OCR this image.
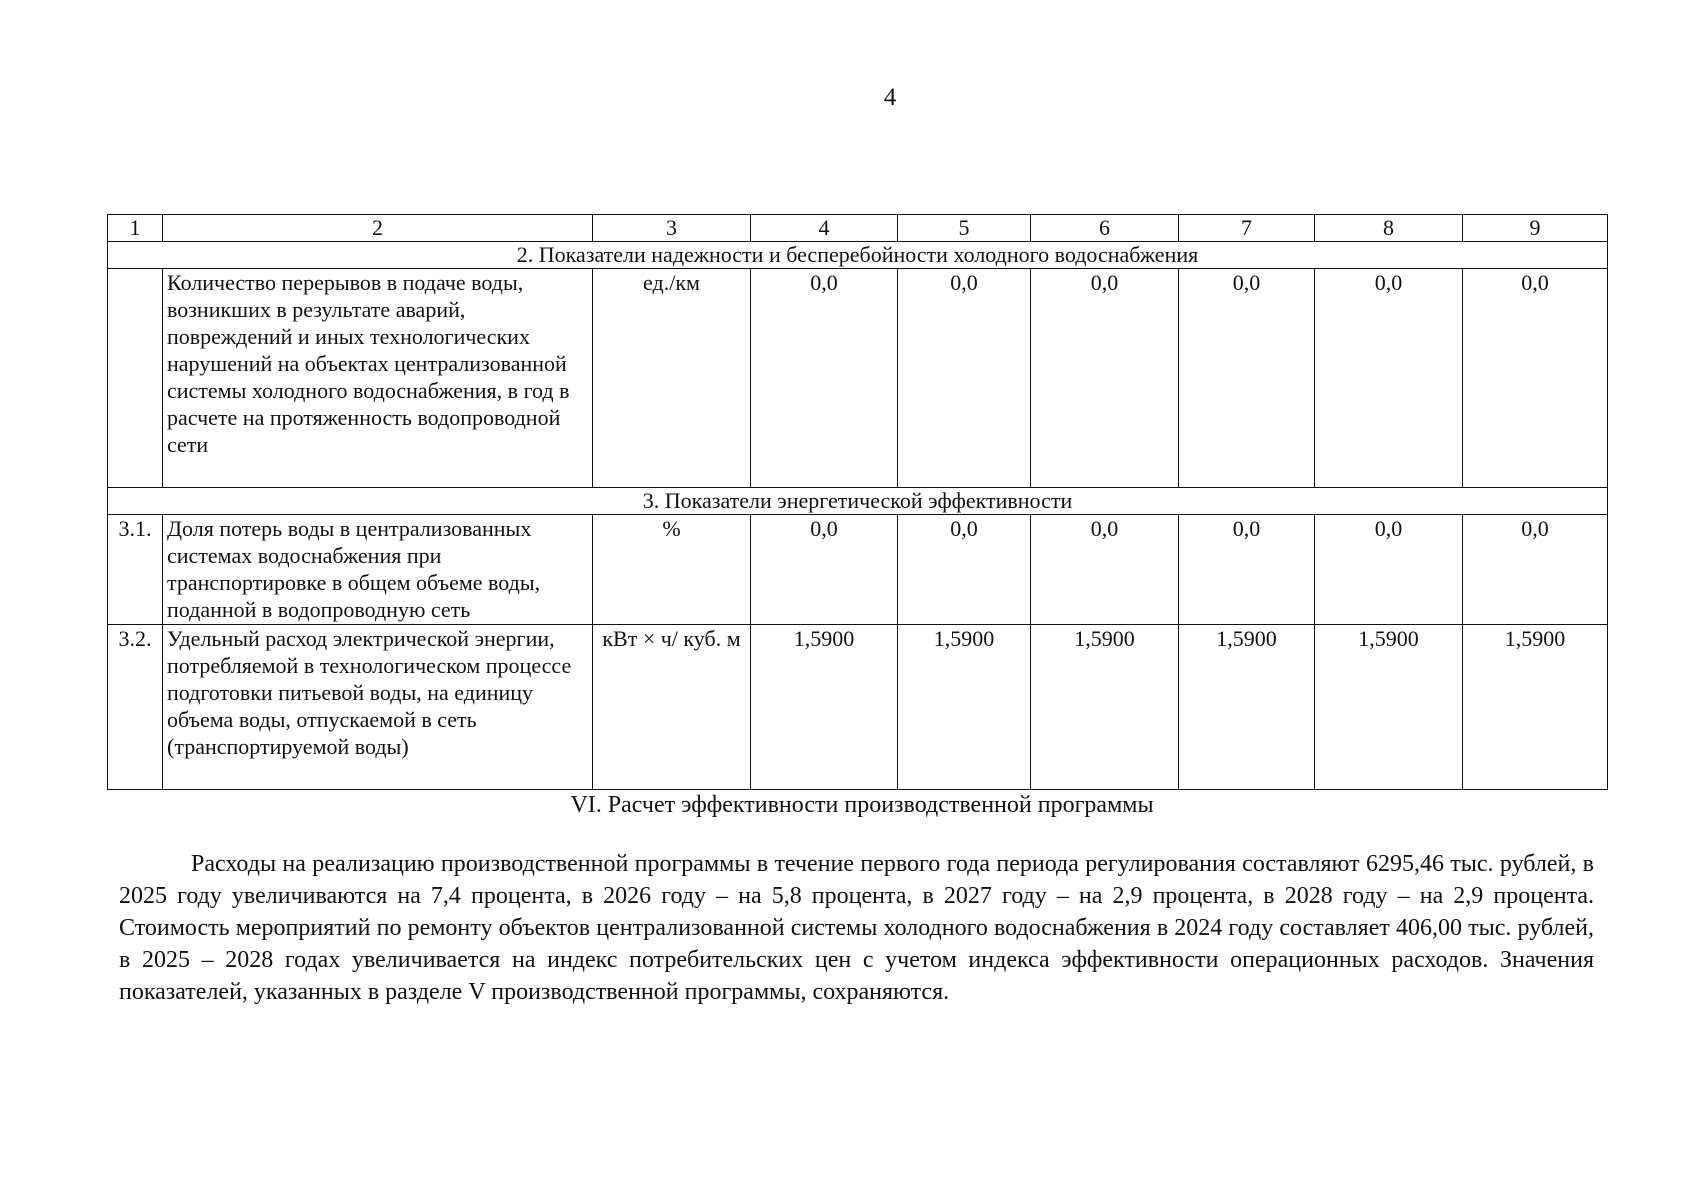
4
1	2	3	4	5	6	7	8	9
2. Показатели надежности и бесперебойности холодного водоснабжения								
	Количество перерывов в подаче воды, возникших в результате аварий, повреждений и иных технологических нарушений на объектах централизованной системы холодного водоснабжения, в год в расчете на протяженность водопроводной сети	ед./км	0,0	0,0	0,0	0,0	0,0	0,0
3. Показатели энергетической эффективности								
3.1.	Доля потерь воды в централизованных системах водоснабжения при транспортировке в общем объеме воды, поданной в водопроводную сеть	%	0,0	0,0	0,0	0,0	0,0	0,0
3.2.	Удельный расход электрической энергии, потребляемой в технологическом процессе подготовки питьевой воды, на единицу объема воды, отпускаемой в сеть (транспортируемой воды)	кВт × ч/ куб. м	1,5900	1,5900	1,5900	1,5900	1,5900	1,5900
VI. Расчет эффективности производственной программы
Расходы на реализацию производственной программы в течение первого года периода регулирования составляют 6295,46 тыс. рублей, в 2025 году увеличиваются на 7,4 процента, в 2026 году – на 5,8 процента, в 2027 году – на 2,9 процента, в 2028 году – на 2,9 процента. Стоимость мероприятий по ремонту объектов централизованной системы холодного водоснабжения в 2024 году составляет 406,00 тыс. рублей, в 2025 – 2028 годах увеличивается на индекс потребительских цен с учетом индекса эффективности операционных расходов. Значения показателей, указанных в разделе V производственной программы, сохраняются.
